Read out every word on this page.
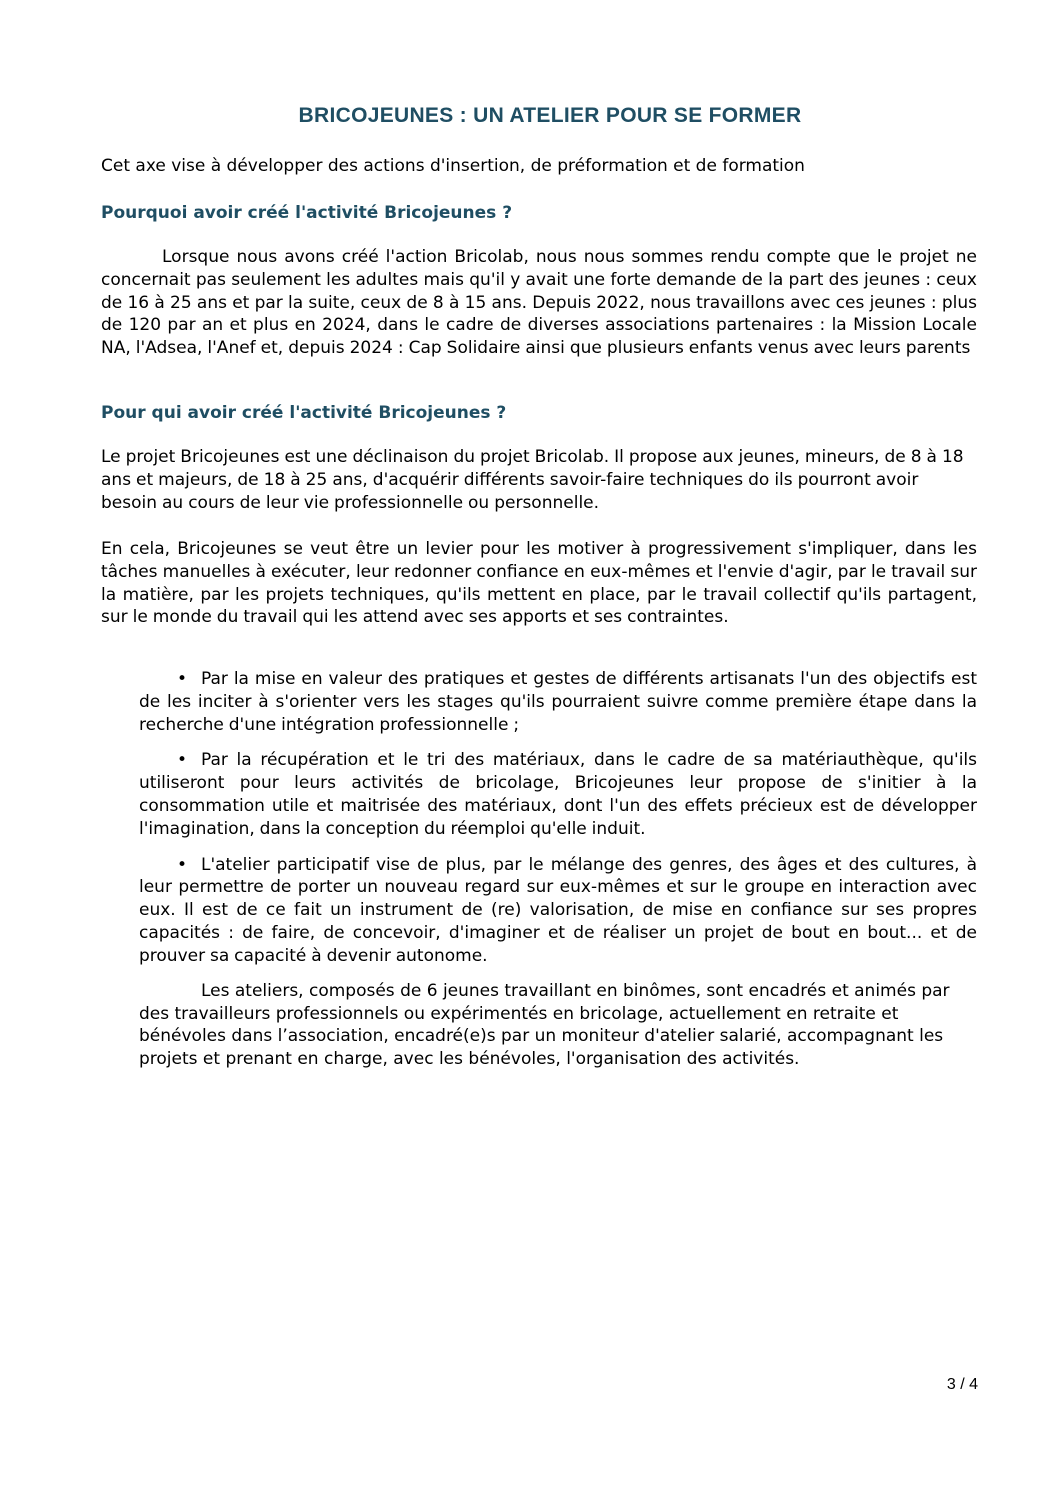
BRICOJEUNES : UN ATELIER POUR SE FORMER

Cet axe vise à développer des actions d'insertion, de préformation et de formation

Pourquoi avoir créé l'activité Bricojeunes ?

Lorsque nous avons créé l'action Bricolab, nous nous sommes rendu compte que le projet ne concernait pas seulement les adultes mais qu'il y avait une forte demande de la part des jeunes : ceux de 16 à 25 ans et par la suite, ceux de 8 à 15 ans. Depuis 2022, nous travaillons avec ces jeunes : plus de 120 par an et plus en 2024, dans le cadre de diverses associations partenaires : la Mission Locale NA, l'Adsea, l'Anef et, depuis 2024 : Cap Solidaire ainsi que plusieurs enfants venus avec leurs parents

Pour qui avoir créé l'activité Bricojeunes ?

Le projet Bricojeunes est une déclinaison du projet Bricolab. Il propose aux jeunes, mineurs, de 8 à 18 ans et majeurs, de 18 à 25 ans, d'acquérir différents savoir-faire techniques do ils pourront avoir besoin au cours de leur vie professionnelle ou personnelle.

En cela, Bricojeunes se veut être un levier pour les motiver à progressivement s'impliquer, dans les tâches manuelles à exécuter, leur redonner confiance en eux-mêmes et l'envie d'agir, par le travail sur la matière, par les projets techniques, qu'ils mettent en place, par le travail collectif qu'ils partagent, sur le monde du travail qui les attend avec ses apports et ses contraintes.

• Par la mise en valeur des pratiques et gestes de différents artisanats l'un des objectifs est de les inciter à s'orienter vers les stages qu'ils pourraient suivre comme première étape dans la recherche d'une intégration professionnelle ;
• Par la récupération et le tri des matériaux, dans le cadre de sa matériauthèque, qu'ils utiliseront pour leurs activités de bricolage, Bricojeunes leur propose de s'initier à la consommation utile et maitrisée des matériaux, dont l'un des effets précieux est de développer l'imagination, dans la conception du réemploi qu'elle induit.
• L'atelier participatif vise de plus, par le mélange des genres, des âges et des cultures, à leur permettre de porter un nouveau regard sur eux-mêmes et sur le groupe en interaction avec eux. Il est de ce fait un instrument de (re) valorisation, de mise en confiance sur ses propres capacités : de faire, de concevoir, d'imaginer et de réaliser un projet de bout en bout... et de prouver sa capacité à devenir autonome.

Les ateliers, composés de 6 jeunes travaillant en binômes, sont encadrés et animés par des travailleurs professionnels ou expérimentés en bricolage, actuellement en retraite et bénévoles dans l’association, encadré(e)s par un moniteur d'atelier salarié, accompagnant les projets et prenant en charge, avec les bénévoles, l'organisation des activités.

3 / 4
